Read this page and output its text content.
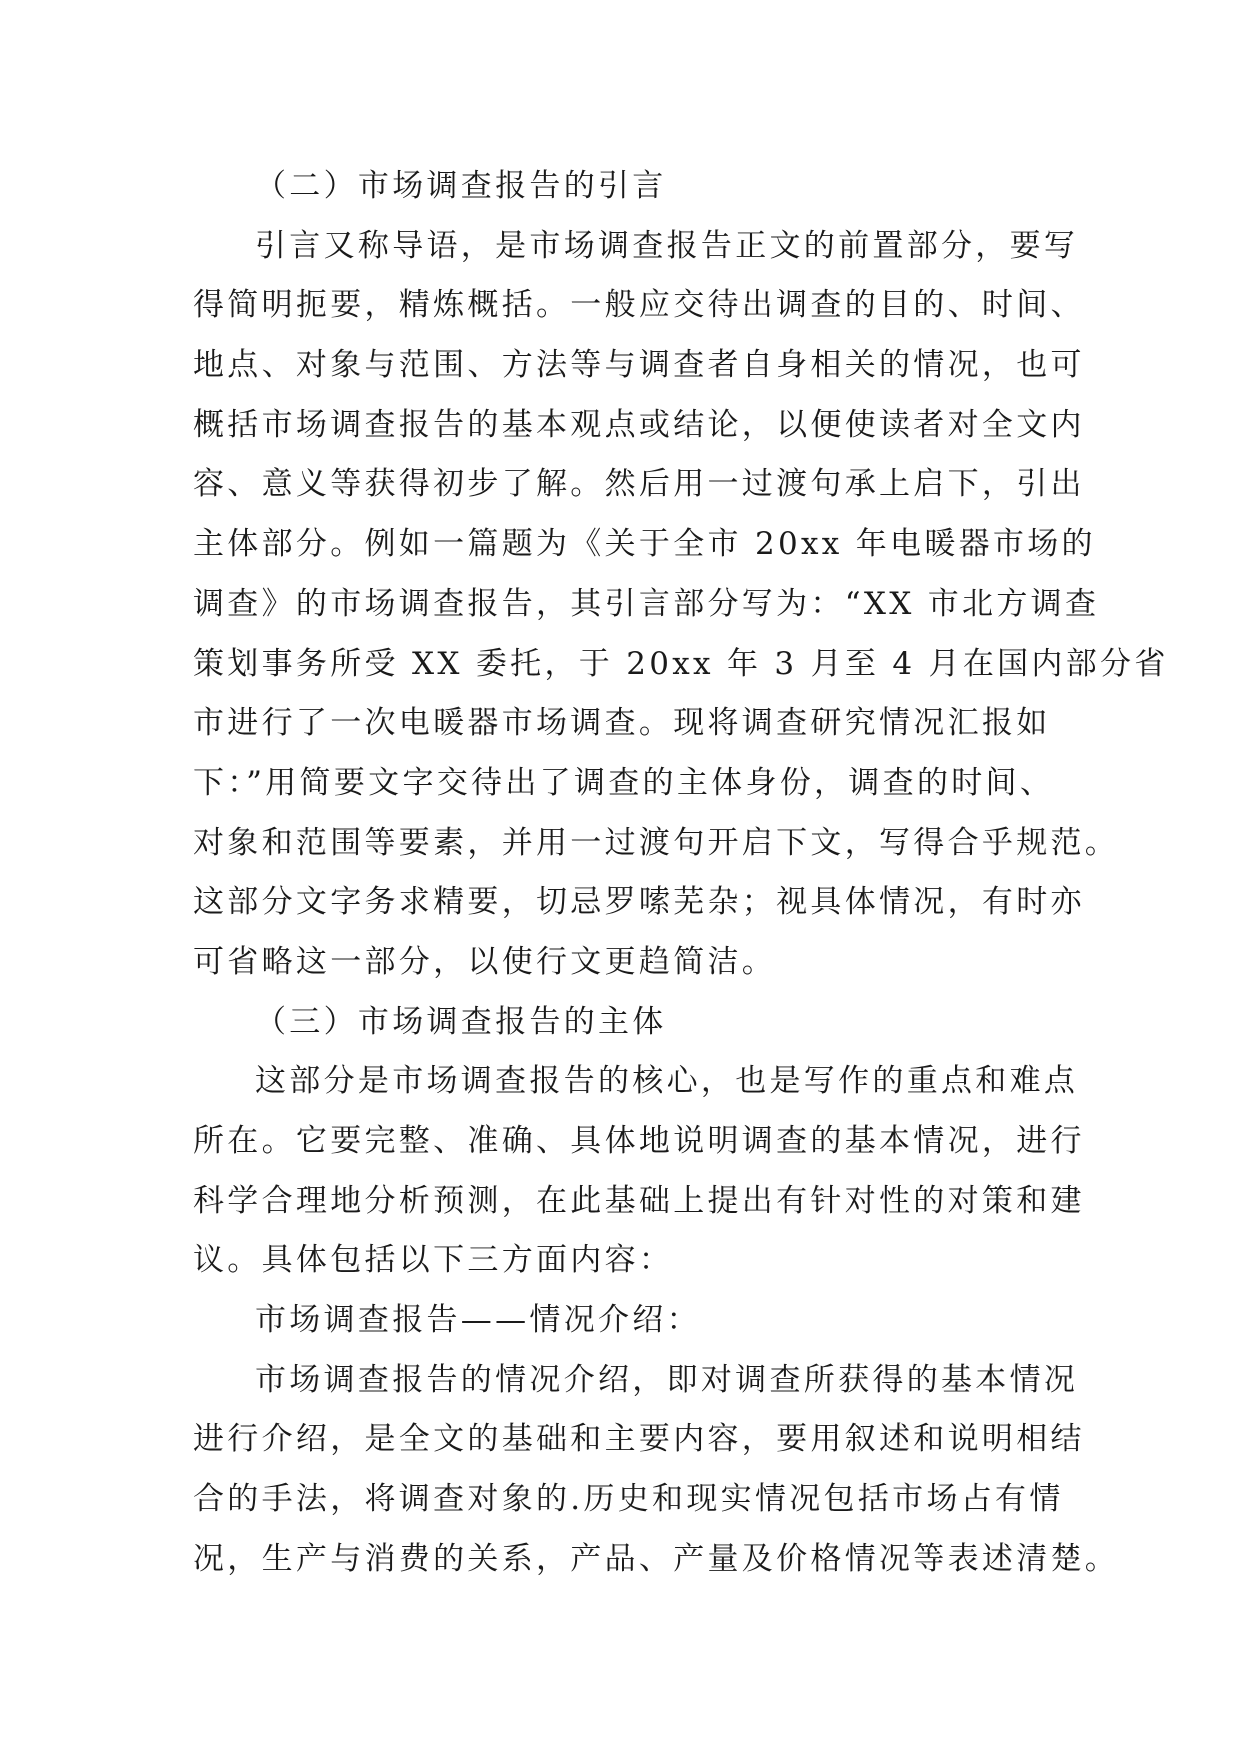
（二）市场调查报告的引言
引言又称导语，是市场调查报告正文的前置部分，要写
得简明扼要，精炼概括。一般应交待出调查的目的、时间、
地点、对象与范围、方法等与调查者自身相关的情况，也可
概括市场调查报告的基本观点或结论，以便使读者对全文内
容、意义等获得初步了解。然后用一过渡句承上启下，引出
主体部分。例如一篇题为《关于全市 20xx 年电暖器市场的
调查》的市场调查报告，其引言部分写为：“XX 市北方调查
策划事务所受 XX 委托，于 20xx 年 3 月至 4 月在国内部分省
市进行了一次电暖器市场调查。现将调查研究情况汇报如
下：”用简要文字交待出了调查的主体身份，调查的时间、
对象和范围等要素，并用一过渡句开启下文，写得合乎规范。
这部分文字务求精要，切忌罗嗦芜杂；视具体情况，有时亦
可省略这一部分，以使行文更趋简洁。
（三）市场调查报告的主体
这部分是市场调查报告的核心，也是写作的重点和难点
所在。它要完整、准确、具体地说明调查的基本情况，进行
科学合理地分析预测，在此基础上提出有针对性的对策和建
议。具体包括以下三方面内容：
市场调查报告——情况介绍：
市场调查报告的情况介绍，即对调查所获得的基本情况
进行介绍，是全文的基础和主要内容，要用叙述和说明相结
合的手法，将调查对象的.历史和现实情况包括市场占有情
况，生产与消费的关系，产品、产量及价格情况等表述清楚。
